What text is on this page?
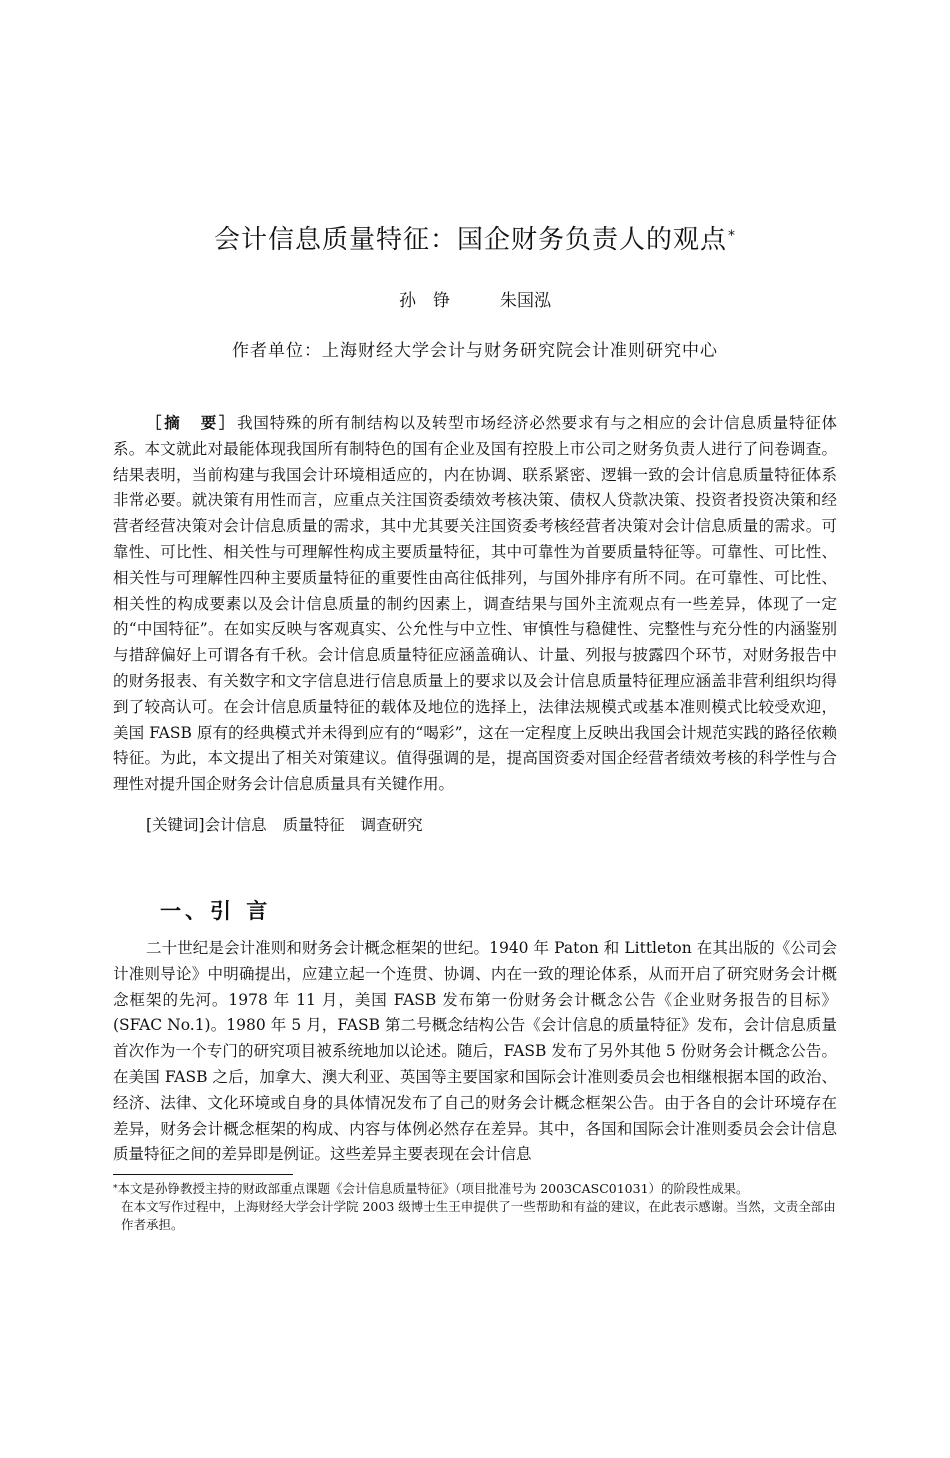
会计信息质量特征：国企财务负责人的观点*
孙　铮	朱国泓
作者单位：上海财经大学会计与财务研究院会计准则研究中心

［摘　要］我国特殊的所有制结构以及转型市场经济必然要求有与之相应的会计信息质量特征体系。本文就此对最能体现我国所有制特色的国有企业及国有控股上市公司之财务负责人进行了问卷调查。结果表明，当前构建与我国会计环境相适应的，内在协调、联系紧密、逻辑一致的会计信息质量特征体系非常必要。就决策有用性而言，应重点关注国资委绩效考核决策、债权人贷款决策、投资者投资决策和经营者经营决策对会计信息质量的需求，其中尤其要关注国资委考核经营者决策对会计信息质量的需求。可靠性、可比性、相关性与可理解性构成主要质量特征，其中可靠性为首要质量特征等。可靠性、可比性、相关性与可理解性四种主要质量特征的重要性由高往低排列，与国外排序有所不同。在可靠性、可比性、相关性的构成要素以及会计信息质量的制约因素上，调查结果与国外主流观点有一些差异，体现了一定的“中国特征”。在如实反映与客观真实、公允性与中立性、审慎性与稳健性、完整性与充分性的内涵鉴别与措辞偏好上可谓各有千秋。会计信息质量特征应涵盖确认、计量、列报与披露四个环节，对财务报告中的财务报表、有关数字和文字信息进行信息质量上的要求以及会计信息质量特征理应涵盖非营利组织均得到了较高认可。在会计信息质量特征的载体及地位的选择上，法律法规模式或基本准则模式比较受欢迎，美国 FASB 原有的经典模式并未得到应有的“喝彩”，这在一定程度上反映出我国会计规范实践的路径依赖特征。为此，本文提出了相关对策建议。值得强调的是，提高国资委对国企经营者绩效考核的科学性与合理性对提升国企财务会计信息质量具有关键作用。

[关键词]会计信息 质量特征 调查研究
一、引 言

二十世纪是会计准则和财务会计概念框架的世纪。1940 年 Paton 和 Littleton 在其出版的《公司会计准则导论》中明确提出，应建立起一个连贯、协调、内在一致的理论体系，从而开启了研究财务会计概念框架的先河。1978 年 11 月，美国 FASB 发布第一份财务会计概念公告《企业财务报告的目标》(SFAC No.1)。1980 年 5 月，FASB 第二号概念结构公告《会计信息的质量特征》发布，会计信息质量首次作为一个专门的研究项目被系统地加以论述。随后，FASB 发布了另外其他 5 份财务会计概念公告。在美国 FASB 之后，加拿大、澳大利亚、英国等主要国家和国际会计准则委员会也相继根据本国的政治、经济、法律、文化环境或自身的具体情况发布了自己的财务会计概念框架公告。由于各自的会计环境存在差异，财务会计概念框架的构成、内容与体例必然存在差异。其中，各国和国际会计准则委员会会计信息质量特征之间的差异即是例证。这些差异主要表现在会计信息

*本文是孙铮教授主持的财政部重点课题《会计信息质量特征》（项目批准号为 2003CASC01031）的阶段性成果。

在本文写作过程中，上海财经大学会计学院 2003 级博士生王申提供了一些帮助和有益的建议，在此表示感谢。当然，文责全部由作者承担。
